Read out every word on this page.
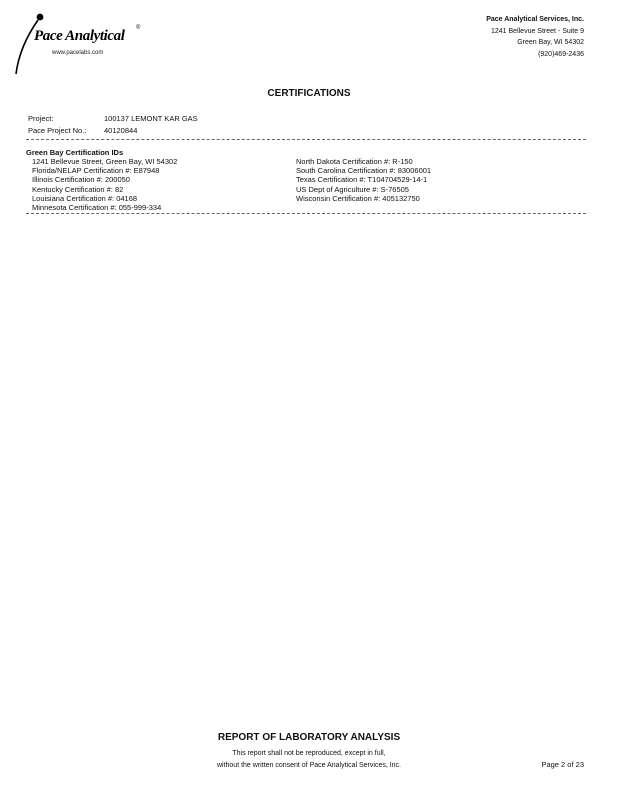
Pace Analytical ®
www.pacelabs.com
Pace Analytical Services, Inc.
1241 Bellevue Street - Suite 9
Green Bay, WI 54302
(920)469-2436
CERTIFICATIONS
Project:	100137 LEMONT KAR GAS
Pace Project No.:	40120844
Green Bay Certification IDs
1241 Bellevue Street, Green Bay, WI 54302
Florida/NELAP Certification #: E87948
Illinois Certification #: 200050
Kentucky Certification #: 82
Louisiana Certification #: 04168
Minnesota Certification #: 055-999-334
North Dakota Certification #: R-150
South Carolina Certification #: 83006001
Texas Certification #: T104704529-14-1
US Dept of Agriculture #: S-76505
Wisconsin Certification #: 405132750
REPORT OF LABORATORY ANALYSIS
This report shall not be reproduced, except in full,
without the written consent of Pace Analytical Services, Inc.	Page 2 of 23
